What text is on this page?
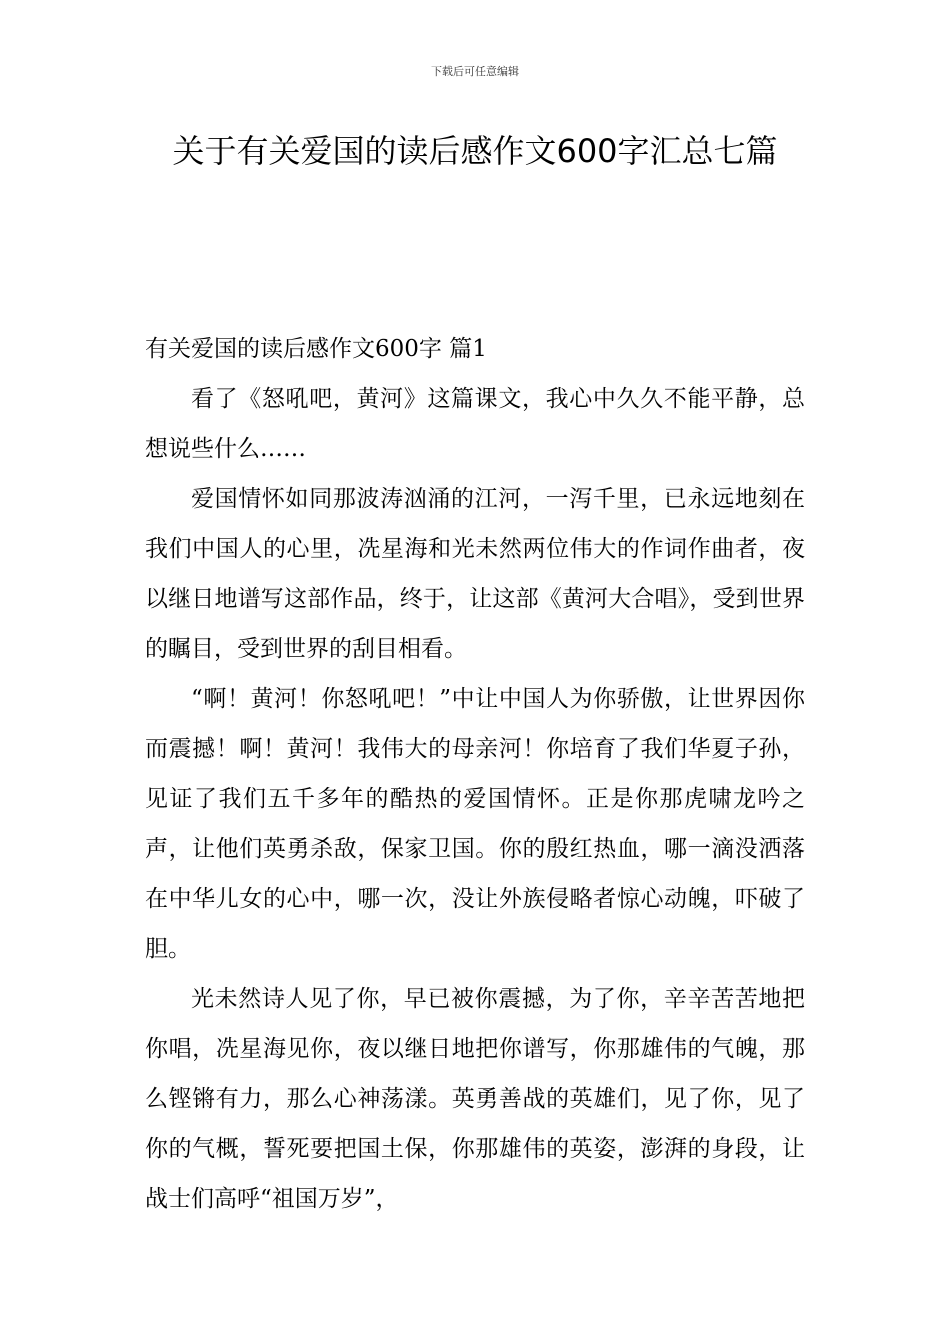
下载后可任意编辑
关于有关爱国的读后感作文600字汇总七篇
有关爱国的读后感作文600字 篇1

看了《怒吼吧，黄河》这篇课文，我心中久久不能平静，总想说些什么……

爱国情怀如同那波涛汹涌的江河，一泻千里，已永远地刻在我们中国人的心里，冼星海和光未然两位伟大的作词作曲者，夜以继日地谱写这部作品，终于，让这部《黄河大合唱》，受到世界的瞩目，受到世界的刮目相看。

“啊！黄河！你怒吼吧！”中让中国人为你骄傲，让世界因你而震撼！啊！黄河！我伟大的母亲河！你培育了我们华夏子孙，见证了我们五千多年的酷热的爱国情怀。正是你那虎啸龙吟之声，让他们英勇杀敌，保家卫国。你的殷红热血，哪一滴没洒落在中华儿女的心中，哪一次，没让外族侵略者惊心动魄，吓破了胆。

光未然诗人见了你，早已被你震撼，为了你，辛辛苦苦地把你唱，冼星海见你，夜以继日地把你谱写，你那雄伟的气魄，那么铿锵有力，那么心神荡漾。英勇善战的英雄们，见了你，见了你的气概，誓死要把国土保，你那雄伟的英姿，澎湃的身段，让战士们高呼“祖国万岁”，
